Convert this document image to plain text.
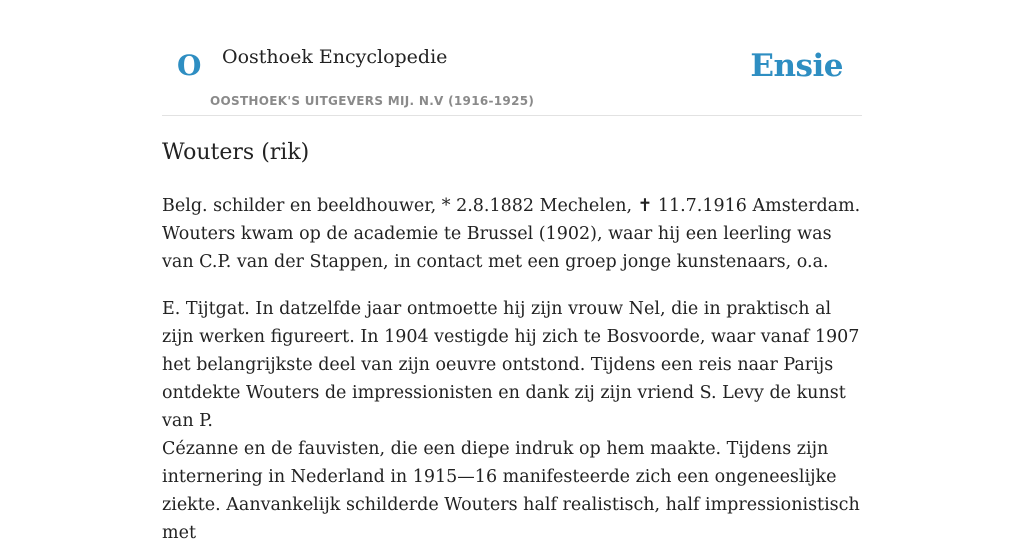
O Oosthoek Encyclopedie
OOSTHOEK'S UITGEVERS MIJ. N.V (1916-1925)
Ensie
Wouters (rik)

Belg. schilder en beeldhouwer, * 2.8.1882 Mechelen, ✝ 11.7.1916 Amsterdam. Wouters kwam op de academie te Brussel (1902), waar hij een leerling was van C.P. van der Stappen, in contact met een groep jonge kunstenaars, o.a.

E. Tijtgat. In datzelfde jaar ontmoette hij zijn vrouw Nel, die in praktisch al zijn werken figureert. In 1904 vestigde hij zich te Bosvoorde, waar vanaf 1907 het belangrijkste deel van zijn oeuvre ontstond. Tijdens een reis naar Parijs ontdekte Wouters de impressionisten en dank zij zijn vriend S. Levy de kunst van P.

Cézanne en de fauvisten, die een diepe indruk op hem maakte. Tijdens zijn internering in Nederland in 1915—16 manifesteerde zich een ongeneeslijke ziekte. Aanvankelijk schilderde Wouters half realistisch, half impressionistisch met
